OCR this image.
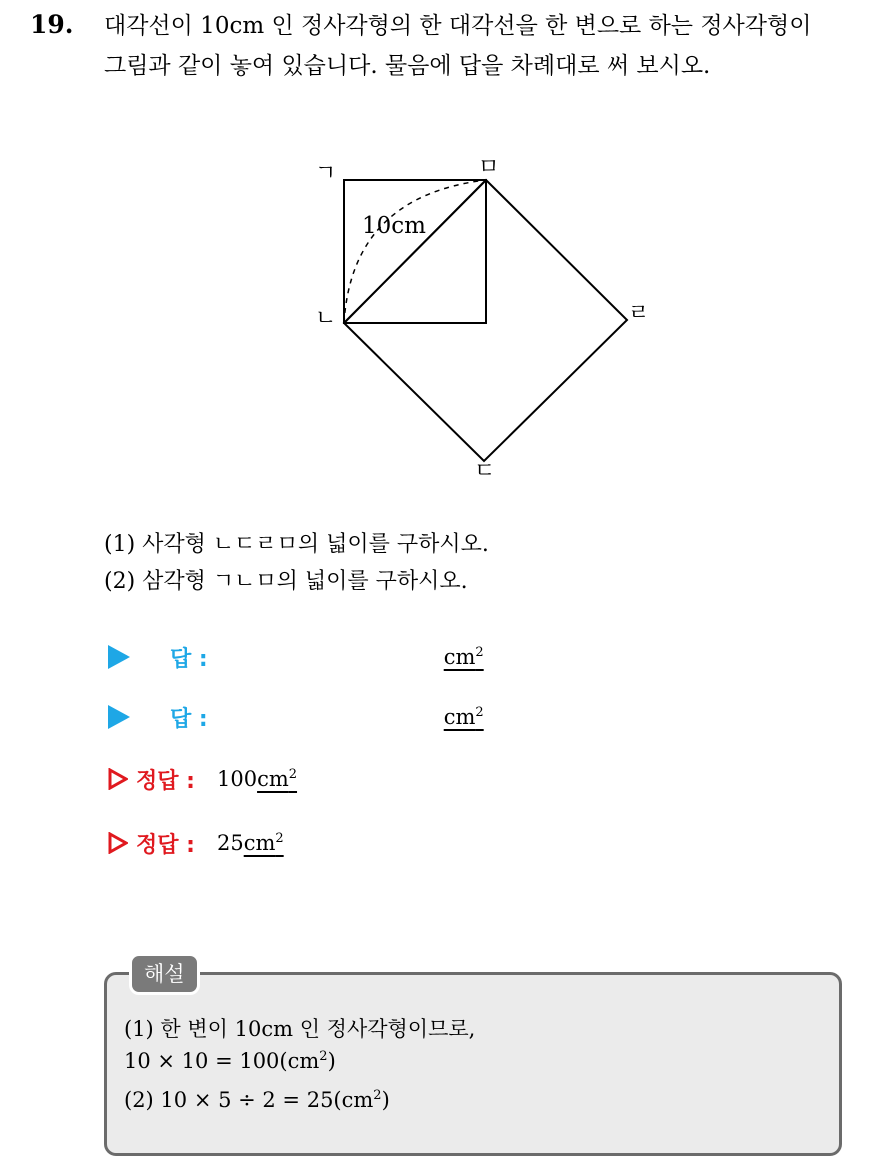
19. 대각선이 10cm 인 정사각형의 한 대각선을 한 변으로 하는 정사각형이
그림과 같이 놓여 있습니다. 물음에 답을 차례대로 써 보시오.
ㄱ	ㅁ
ㄹ
ㄴ
ㄷ
10cm
(1) 사각형 ㄴㄷㄹㅁ의 넓이를 구하시오.
(2) 삼각형 ㄱㄴㅁ의 넓이를 구하시오.
답 :	$cm^2$
답 :	$cm^2$
정답 : 100 $cm^2$
정답 : 25 $cm^2$
해설
(1) 한 변이 10cm 인 정사각형이므로,
$10 \times 10 = 100(cm^2)$
(2) $10 \times 5 \div 2 = 25(cm^2)$
